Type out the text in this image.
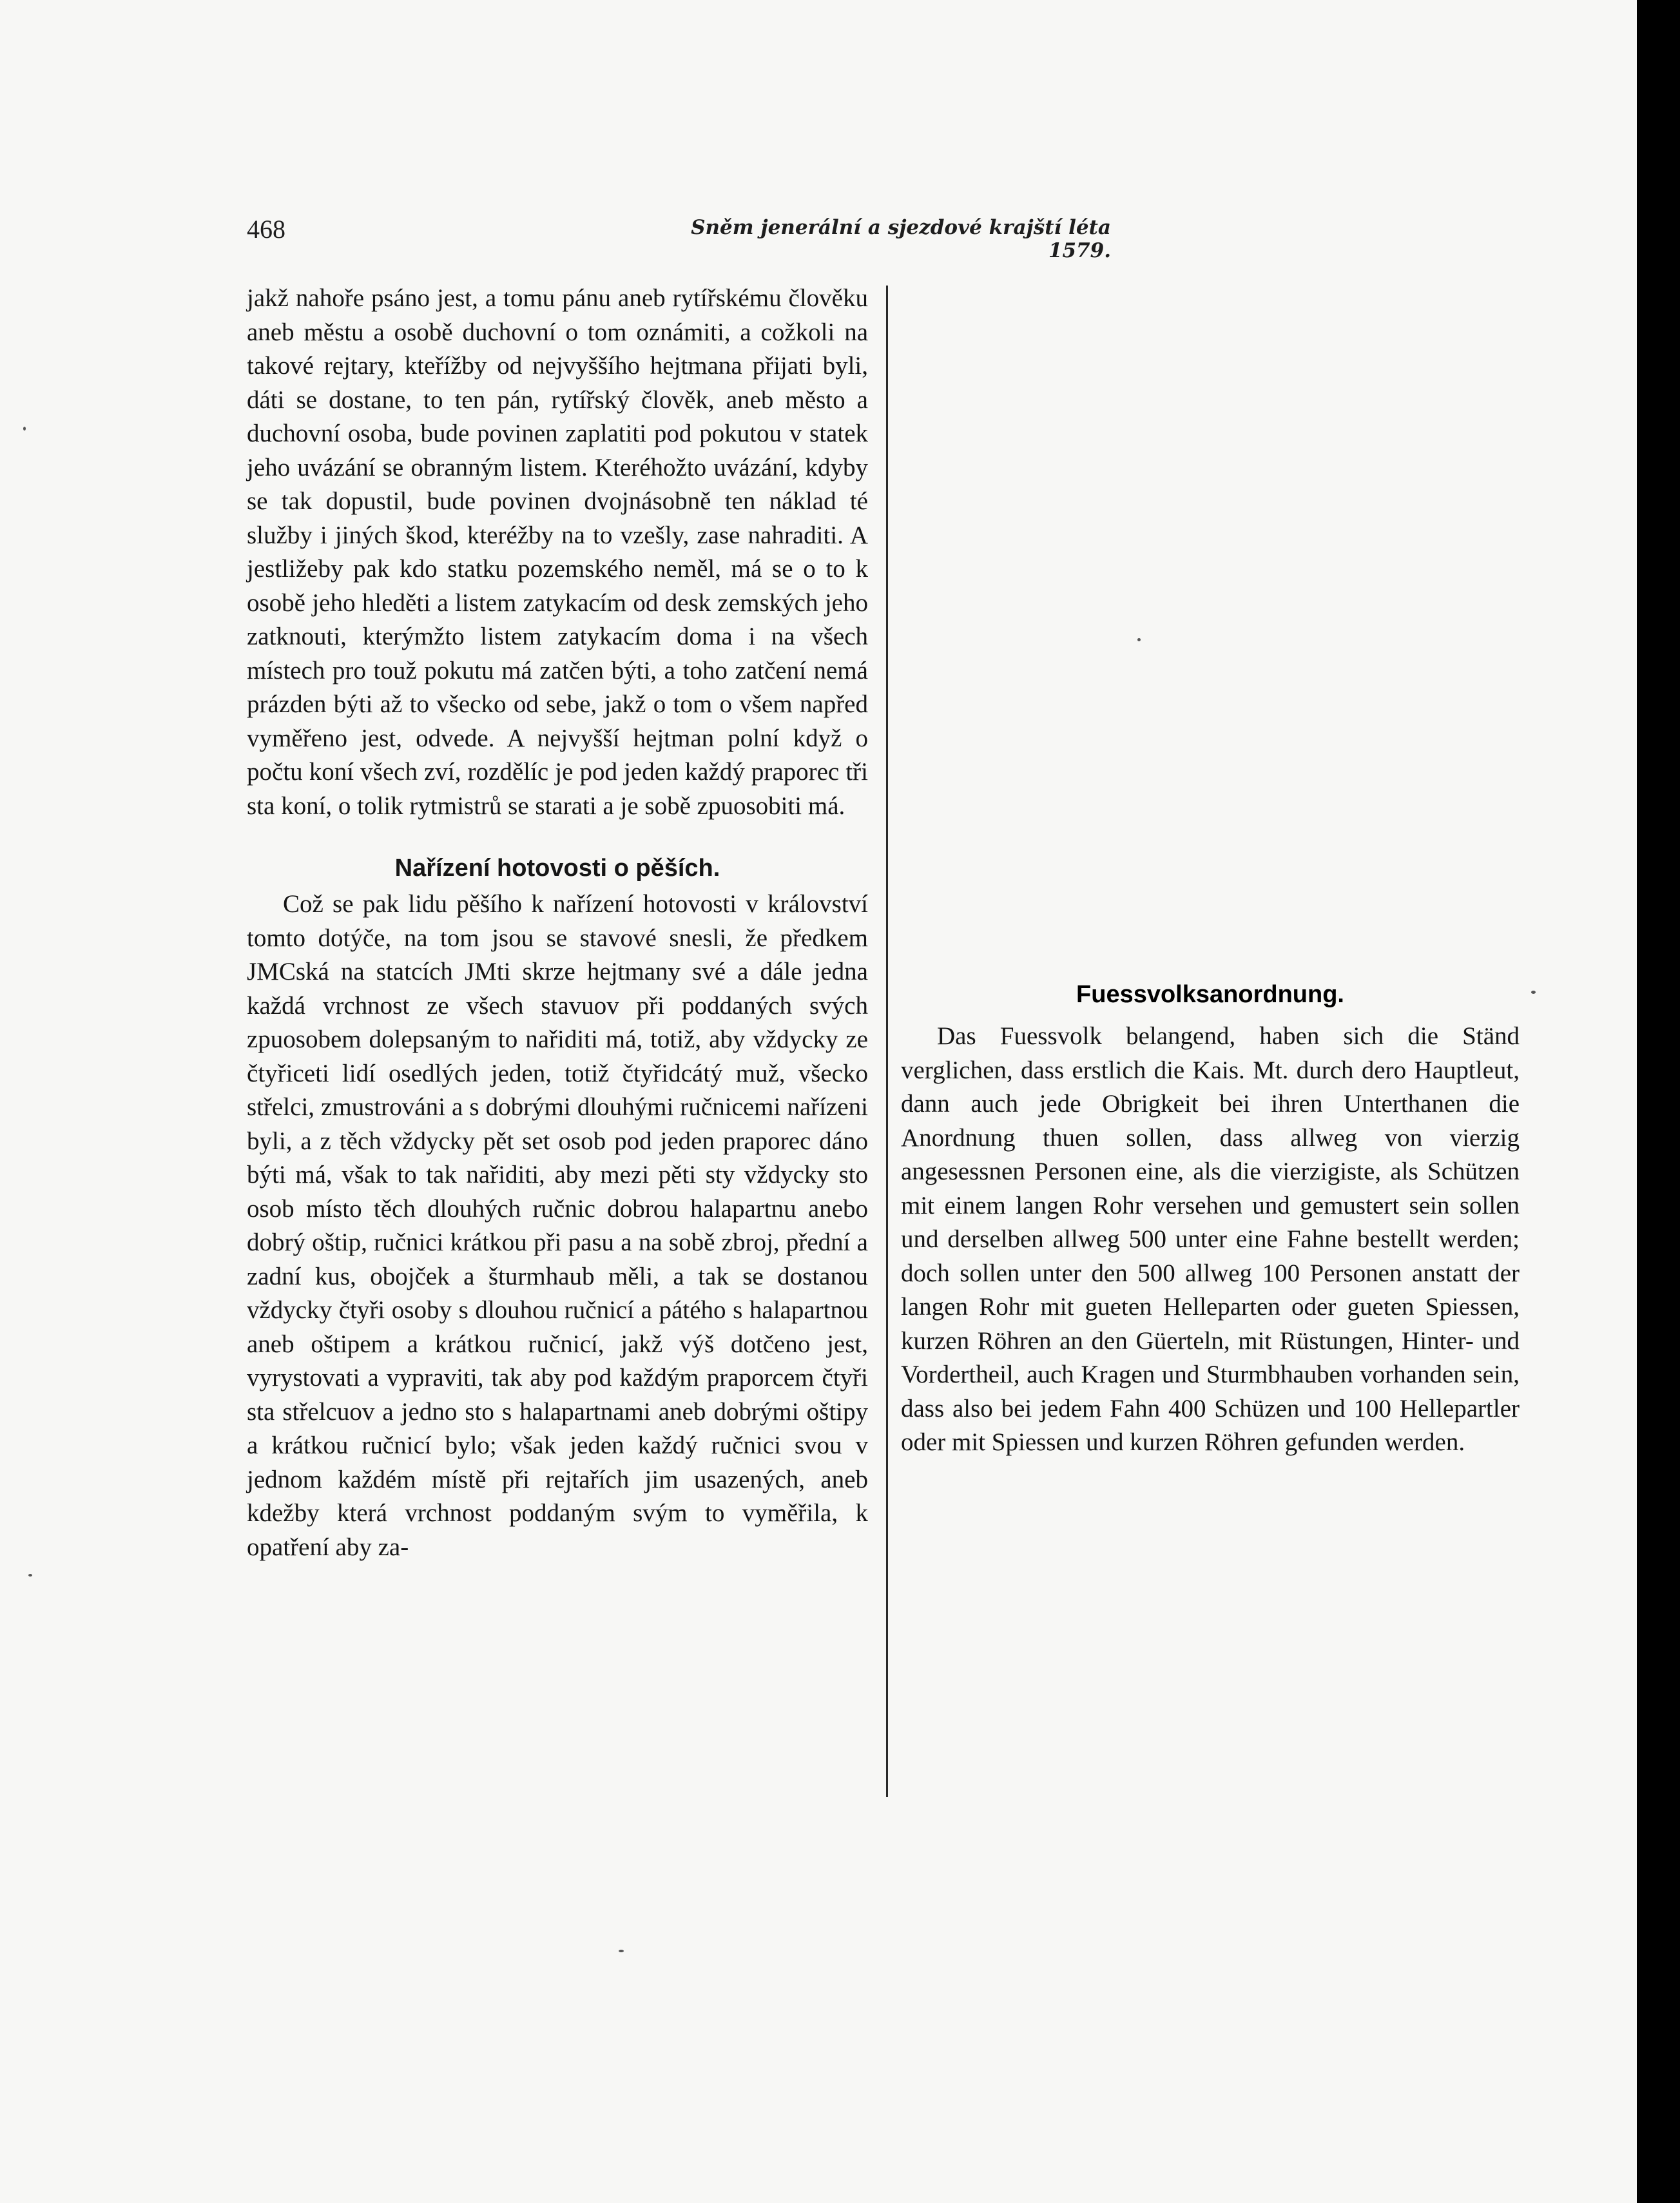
468	Sněm jenerální a sjezdové krajští léta 1579.

jakž nahoře psáno jest, a tomu pánu aneb rytířskému člověku aneb městu a osobě duchovní o tom oznámiti, a cožkoli na takové rejtary, kteřížby od nejvyššího hejtmana přijati byli, dáti se dostane, to ten pán, rytířský člověk, aneb město a duchovní osoba, bude povinen zaplatiti pod pokutou v statek jeho uvázání se obranným listem. Kteréhožto uvázání, kdyby se tak dopustil, bude povinen dvojnásobně ten náklad té služby i jiných škod, kteréžby na to vzešly, zase nahraditi. A jestližeby pak kdo statku pozemského neměl, má se o to k osobě jeho hleděti a listem zatykacím od desk zemských jeho zatknouti, kterýmžto listem zatykacím doma i na všech místech pro touž pokutu má zatčen býti, a toho zatčení nemá prázden býti až to všecko od sebe, jakž o tom o všem napřed vyměřeno jest, odvede. A nejvyšší hejtman polní když o počtu koní všech zví, rozdělíc je pod jeden každý praporec tři sta koní, o tolik rytmistrů se starati a je sobě zpuosobiti má.

Nařízení hotovosti o pěších.

Což se pak lidu pěšího k nařízení hotovosti v království tomto dotýče, na tom jsou se stavové snesli, že předkem JMCská na statcích JMti skrze hejtmany své a dále jedna každá vrchnost ze všech stavuov při poddaných svých zpuosobem dolepsaným to nařiditi má, totiž, aby vždycky ze čtyřiceti lidí osedlých jeden, totiž čtyřidcátý muž, všecko střelci, zmustrováni a s dobrými dlouhými ručnicemi nařízeni byli, a z těch vždycky pět set osob pod jeden praporec dáno býti má, však to tak nařiditi, aby mezi pěti sty vždycky sto osob místo těch dlouhých ručnic dobrou halapartnu anebo dobrý oštip, ručnici krátkou při pasu a na sobě zbroj, přední a zadní kus, obojček a šturmhaub měli, a tak se dostanou vždycky čtyři osoby s dlouhou ručnicí a pátého s halapartnou aneb oštipem a krátkou ručnicí, jakž výš dotčeno jest, vyrystovati a vypraviti, tak aby pod každým praporcem čtyři sta střelcuov a jedno sto s halapartnami aneb dobrými oštipy a krátkou ručnicí bylo; však jeden každý ručnici svou v jednom každém místě při rejtařích jim usazených, aneb kdežby která vrchnost poddaným svým to vyměřila, k opatření aby za-

Fuessvolksanordnung.

Das Fuessvolk belangend, haben sich die Ständ verglichen, dass erstlich die Kais. Mt. durch dero Hauptleut, dann auch jede Obrigkeit bei ihren Unterthanen die Anordnung thuen sollen, dass allweg von vierzig angesessnen Personen eine, als die vierzigiste, als Schützen mit einem langen Rohr versehen und gemustert sein sollen und derselben allweg 500 unter eine Fahne bestellt werden; doch sollen unter den 500 allweg 100 Personen anstatt der langen Rohr mit gueten Helleparten oder gueten Spiessen, kurzen Röhren an den Güerteln, mit Rüstungen, Hinter- und Vordertheil, auch Kragen und Sturmbhauben vorhanden sein, dass also bei jedem Fahn 400 Schüzen und 100 Hellepartler oder mit Spiessen und kurzen Röhren gefunden werden.
